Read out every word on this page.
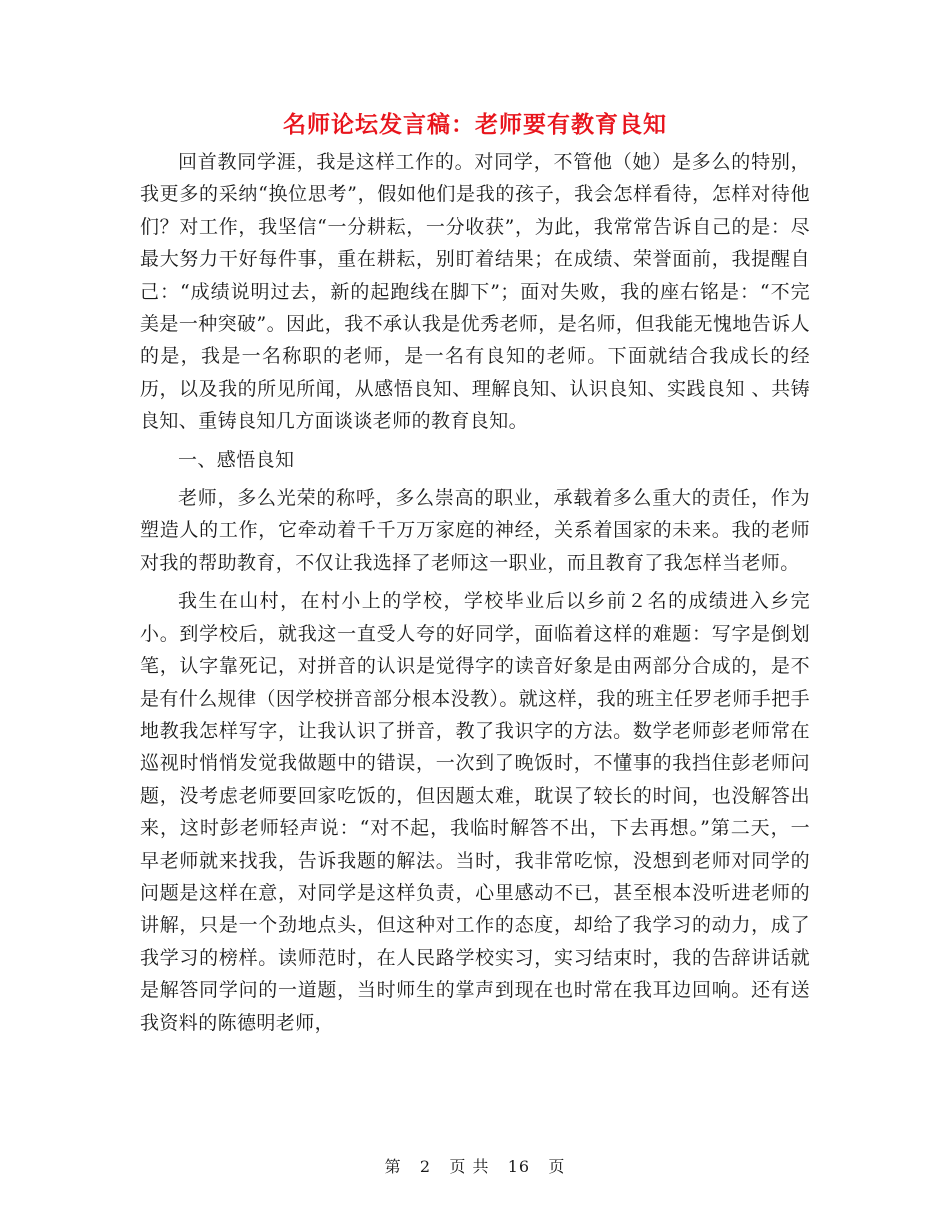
名师论坛发言稿：老师要有教育良知

回首教同学涯，我是这样工作的。对同学，不管他（她）是多么的特别，我更多的采纳“换位思考”，假如他们是我的孩子，我会怎样看待，怎样对待他们？对工作，我坚信“一分耕耘，一分收获”，为此，我常常告诉自己的是：尽最大努力干好每件事，重在耕耘，别盯着结果；在成绩、荣誉面前，我提醒自己：“成绩说明过去，新的起跑线在脚下”；面对失败，我的座右铭是：“不完美是一种突破”。因此，我不承认我是优秀老师，是名师，但我能无愧地告诉人的是，我是一名称职的老师，是一名有良知的老师。下面就结合我成长的经历，以及我的所见所闻，从感悟良知、理解良知、认识良知、实践良知 、共铸良知、重铸良知几方面谈谈老师的教育良知。

一、感悟良知

老师，多么光荣的称呼，多么崇高的职业，承载着多么重大的责任，作为塑造人的工作，它牵动着千千万万家庭的神经，关系着国家的未来。我的老师对我的帮助教育，不仅让我选择了老师这一职业，而且教育了我怎样当老师。

我生在山村，在村小上的学校，学校毕业后以乡前２名的成绩进入乡完小。到学校后，就我这一直受人夸的好同学，面临着这样的难题：写字是倒划笔，认字靠死记，对拼音的认识是觉得字的读音好象是由两部分合成的，是不是有什么规律（因学校拼音部分根本没教）。就这样，我的班主任罗老师手把手地教我怎样写字，让我认识了拼音，教了我识字的方法。数学老师彭老师常在巡视时悄悄发觉我做题中的错误，一次到了晚饭时，不懂事的我挡住彭老师问题，没考虑老师要回家吃饭的，但因题太难，耽误了较长的时间，也没解答出来，这时彭老师轻声说：“对不起，我临时解答不出，下去再想。”第二天，一早老师就来找我，告诉我题的解法。当时，我非常吃惊，没想到老师对同学的问题是这样在意，对同学是这样负责，心里感动不已，甚至根本没听进老师的讲解，只是一个劲地点头，但这种对工作的态度，却给了我学习的动力，成了我学习的榜样。读师范时，在人民路学校实习，实习结束时，我的告辞讲话就是解答同学问的一道题，当时师生的掌声到现在也时常在我耳边回响。还有送我资料的陈德明老师，

第 2 页 共 16 页
